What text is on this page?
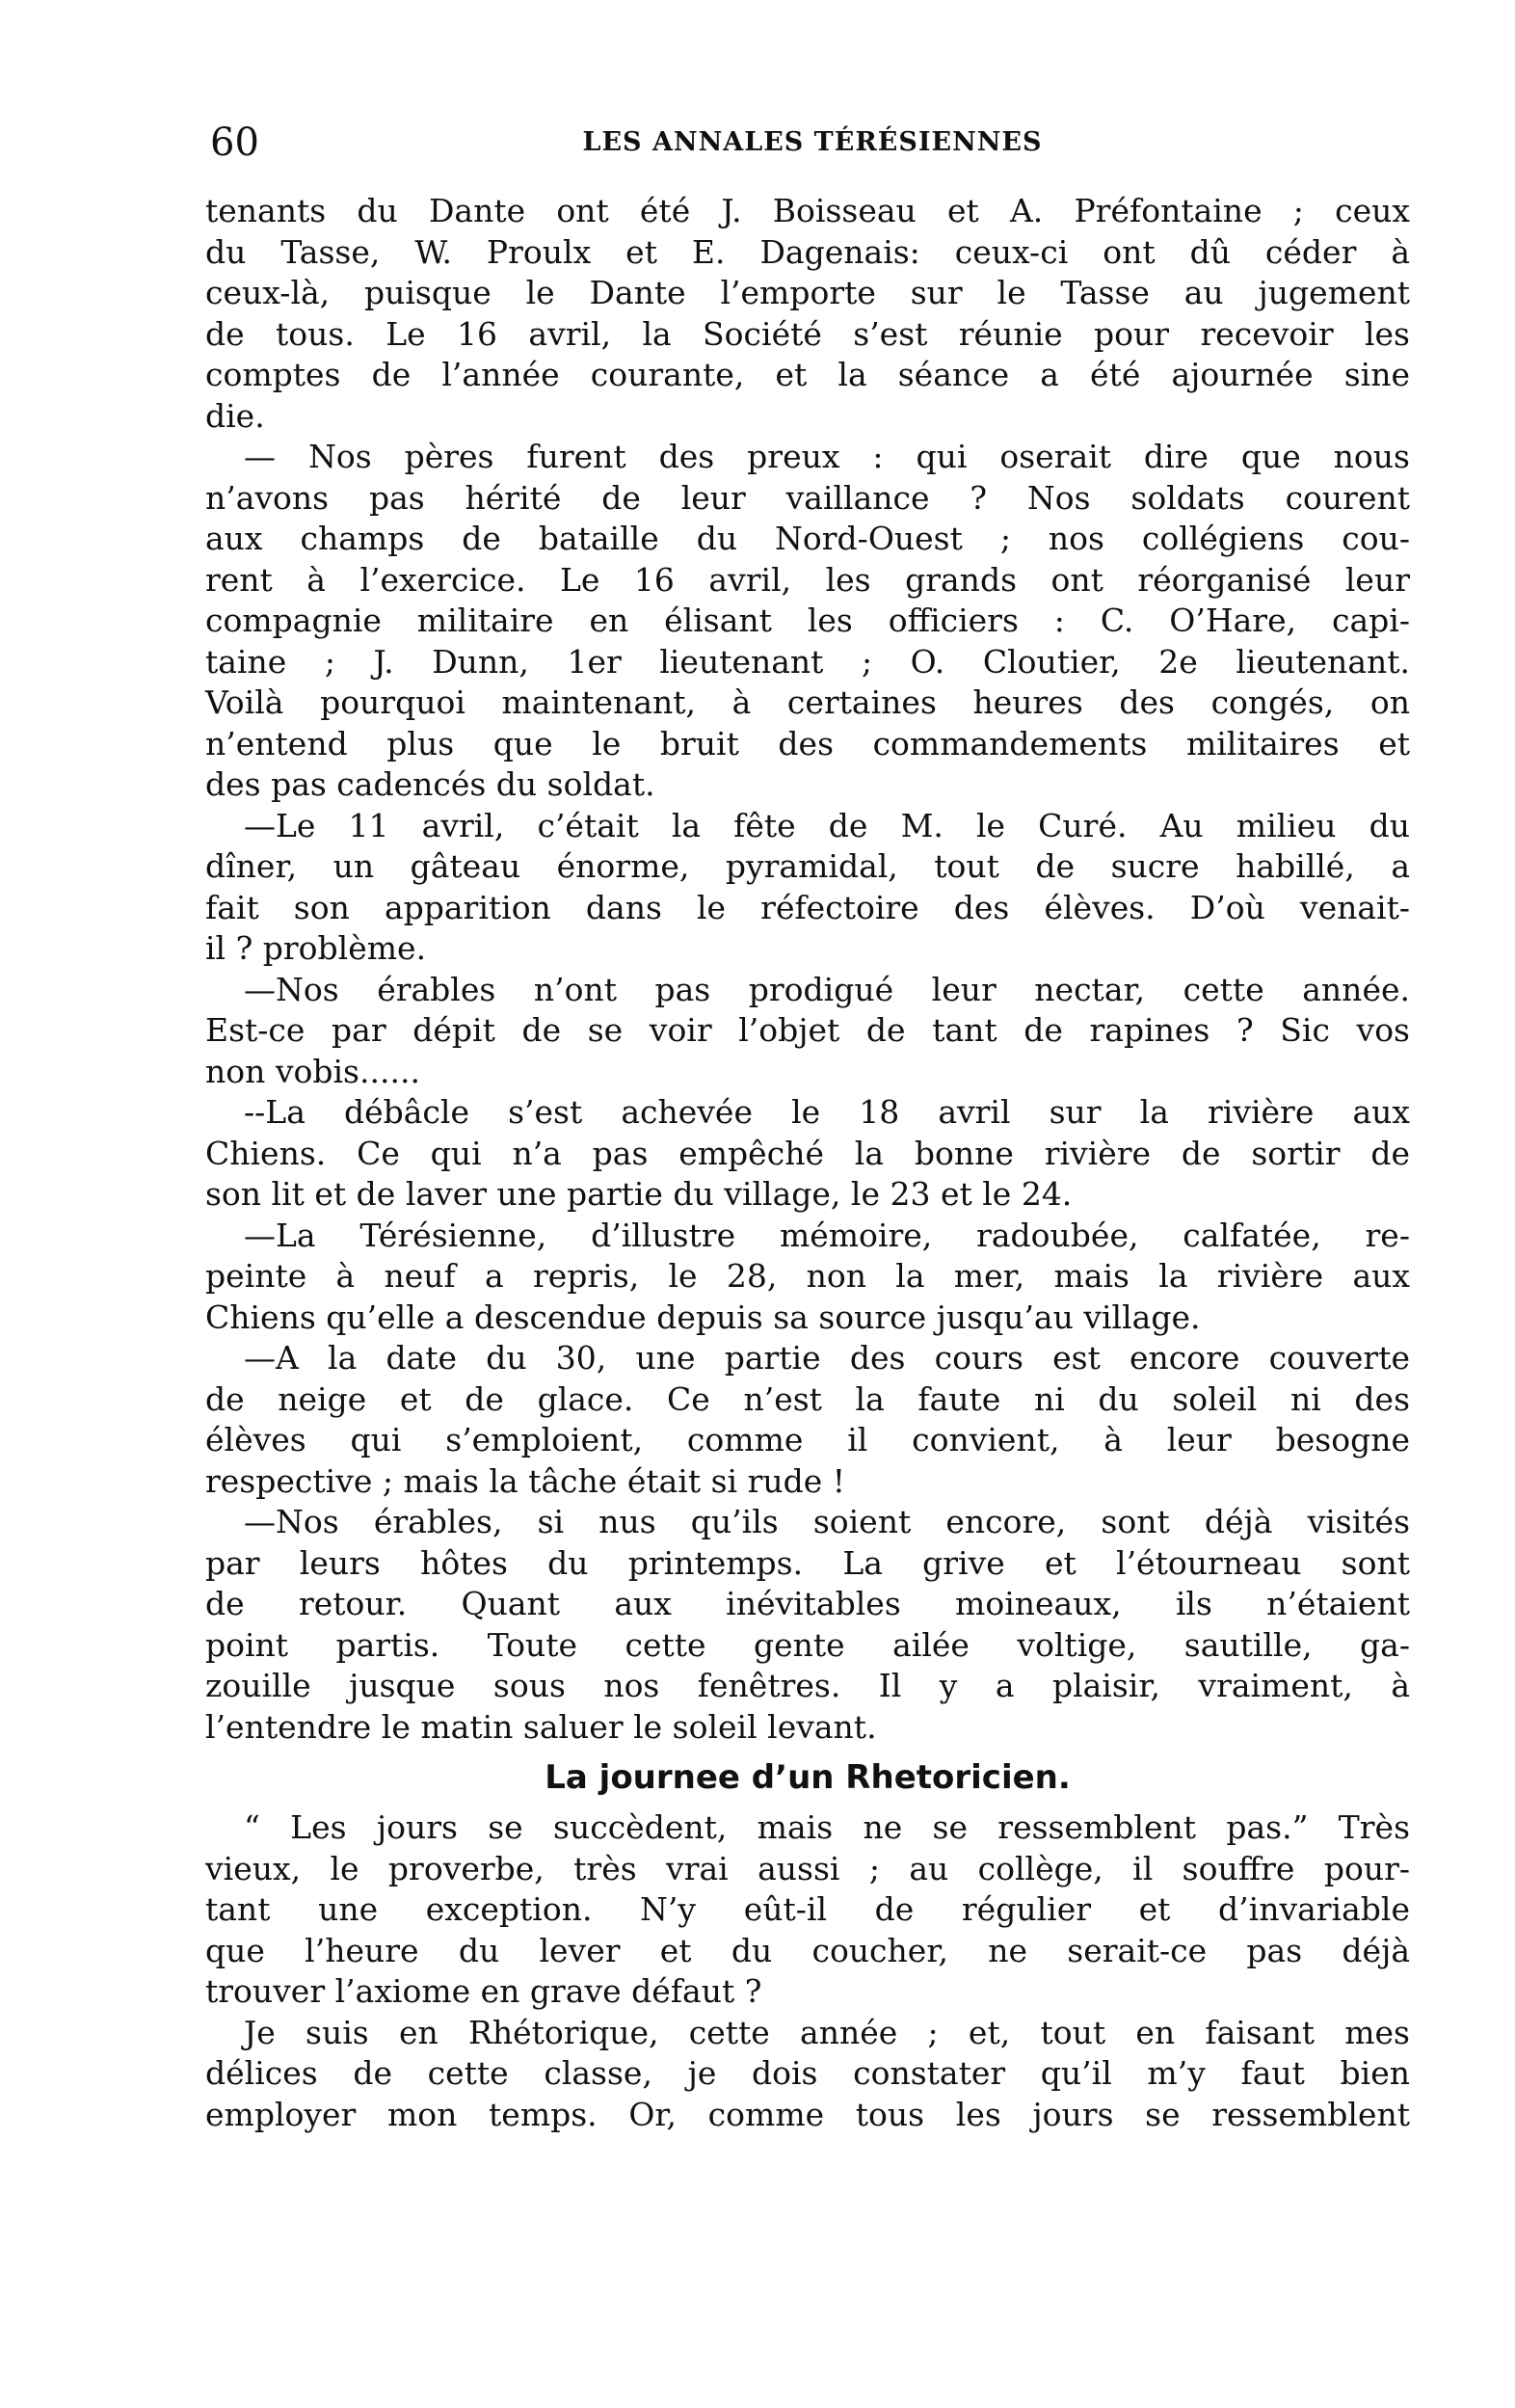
60	LES ANNALES TÉRÉSIENNES
tenants du Dante ont été J. Boisseau et A. Préfontaine ; ceux
du Tasse, W. Proulx et E. Dagenais: ceux-ci ont dû céder à
ceux-là, puisque le Dante l’emporte sur le Tasse au jugement
de tous. Le 16 avril, la Société s’est réunie pour recevoir les
comptes de l’année courante, et la séance a été ajournée sine
die.
— Nos pères furent des preux : qui oserait dire que nous
n’avons pas hérité de leur vaillance ? Nos soldats courent
aux champs de bataille du Nord-Ouest ; nos collégiens cou-
rent à l’exercice. Le 16 avril, les grands ont réorganisé leur
compagnie militaire en élisant les officiers : C. O’Hare, capi-
taine ; J. Dunn, 1er lieutenant ; O. Cloutier, 2e lieutenant.
Voilà pourquoi maintenant, à certaines heures des congés, on
n’entend plus que le bruit des commandements militaires et
des pas cadencés du soldat.
—Le 11 avril, c’était la fête de M. le Curé. Au milieu du
dîner, un gâteau énorme, pyramidal, tout de sucre habillé, a
fait son apparition dans le réfectoire des élèves. D’où venait-
il ? problème.
—Nos érables n’ont pas prodigué leur nectar, cette année.
Est-ce par dépit de se voir l’objet de tant de rapines ? Sic vos
non vobis......
--La débâcle s’est achevée le 18 avril sur la rivière aux
Chiens. Ce qui n’a pas empêché la bonne rivière de sortir de
son lit et de laver une partie du village, le 23 et le 24.
—La Térésienne, d’illustre mémoire, radoubée, calfatée, re-
peinte à neuf a repris, le 28, non la mer, mais la rivière aux
Chiens qu’elle a descendue depuis sa source jusqu’au village.
—A la date du 30, une partie des cours est encore couverte
de neige et de glace. Ce n’est la faute ni du soleil ni des
élèves qui s’emploient, comme il convient, à leur besogne
respective ; mais la tâche était si rude !
—Nos érables, si nus qu’ils soient encore, sont déjà visités
par leurs hôtes du printemps. La grive et l’étourneau sont
de retour. Quant aux inévitables moineaux, ils n’étaient
point partis. Toute cette gente ailée voltige, sautille, ga-
zouille jusque sous nos fenêtres. Il y a plaisir, vraiment, à
l’entendre le matin saluer le soleil levant.
La journee d’un Rhetoricien.
“ Les jours se succèdent, mais ne se ressemblent pas.” Très
vieux, le proverbe, très vrai aussi ; au collège, il souffre pour-
tant une exception. N’y eût-il de régulier et d’invariable
que l’heure du lever et du coucher, ne serait-ce pas déjà
trouver l’axiome en grave défaut ?
Je suis en Rhétorique, cette année ; et, tout en faisant mes
délices de cette classe, je dois constater qu’il m’y faut bien
employer mon temps. Or, comme tous les jours se ressemblent
